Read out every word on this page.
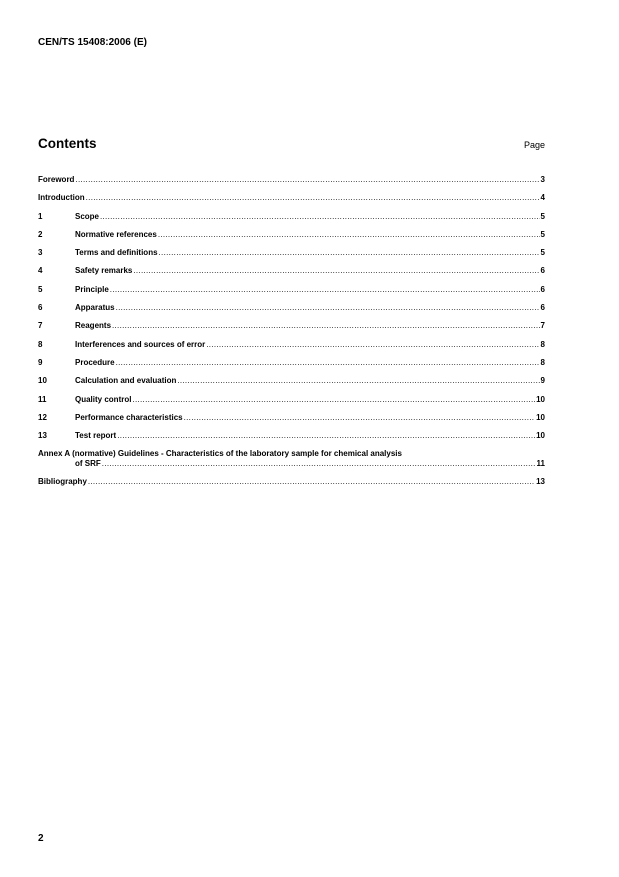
CEN/TS 15408:2006 (E)
Contents	Page
Foreword .....	3
Introduction .....	4
1	Scope .....	5
2	Normative references .....	5
3	Terms and definitions .....	5
4	Safety remarks .....	6
5	Principle .....	6
6	Apparatus .....	6
7	Reagents .....	7
8	Interferences and sources of error .....	8
9	Procedure .....	8
10	Calculation and evaluation .....	9
11	Quality control .....	10
12	Performance characteristics .....	10
13	Test report .....	10
Annex A (normative) Guidelines - Characteristics of the laboratory sample for chemical analysis
of SRF .....	11
Bibliography .....	13
2
